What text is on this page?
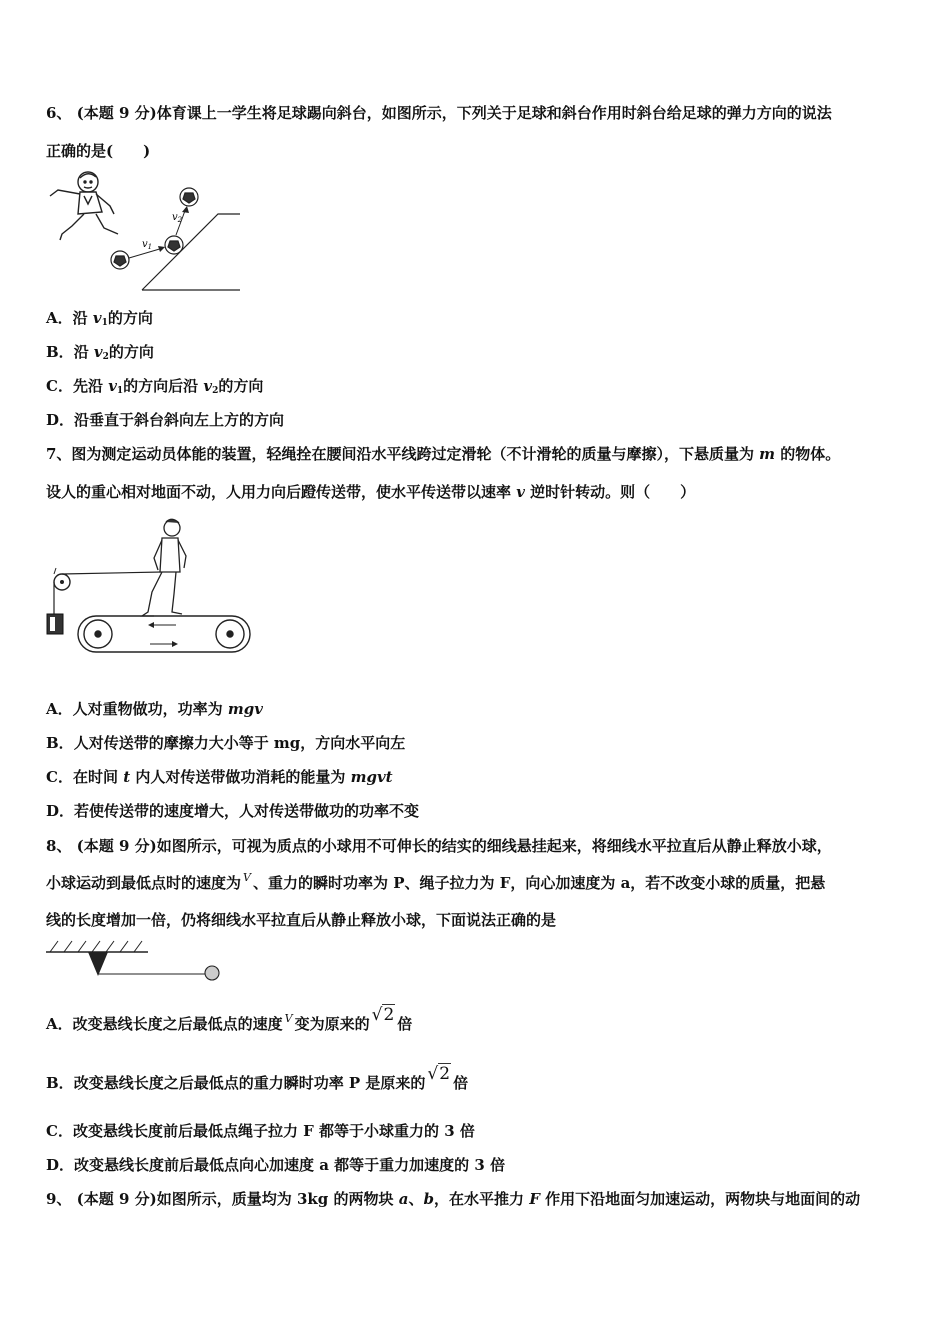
6、 (本题 9 分)体育课上一学生将足球踢向斜台，如图所示，下列关于足球和斜台作用时斜台给足球的弹力方向的说法
正确的是(　　)
$v_1$
$v_2$
A．沿 $v_1$的方向
B．沿 $v_2$的方向
C．先沿 $v_1$的方向后沿 $v_2$的方向
D．沿垂直于斜台斜向左上方的方向
7、图为测定运动员体能的装置，轻绳拴在腰间沿水平线跨过定滑轮（不计滑轮的质量与摩擦），下悬质量为 m 的物体。
设人的重心相对地面不动，人用力向后蹬传送带，使水平传送带以速率 v 逆时针转动。则（　　）
A．人对重物做功，功率为 mgv
B．人对传送带的摩擦力大小等于 mg，方向水平向左
C．在时间 t 内人对传送带做功消耗的能量为 mgvt
D．若使传送带的速度增大，人对传送带做功的功率不变
8、 (本题 9 分)如图所示，可视为质点的小球用不可伸长的结实的细线悬挂起来，将细线水平拉直后从静止释放小球，
小球运动到最低点时的速度为 $^V$ 、重力的瞬时功率为 P、绳子拉力为 F，向心加速度为 a，若不改变小球的质量，把悬
线的长度增加一倍，仍将细线水平拉直后从静止释放小球，下面说法正确的是
A．改变悬线长度之后最低点的速度 $^V$ 变为原来的 √2 倍
B．改变悬线长度之后最低点的重力瞬时功率 P 是原来的 √2 倍
C．改变悬线长度前后最低点绳子拉力 F 都等于小球重力的 3 倍
D．改变悬线长度前后最低点向心加速度 a 都等于重力加速度的 3 倍
9、 (本题 9 分)如图所示，质量均为 3kg 的两物块 a、b，在水平推力 F 作用下沿地面匀加速运动，两物块与地面间的动
